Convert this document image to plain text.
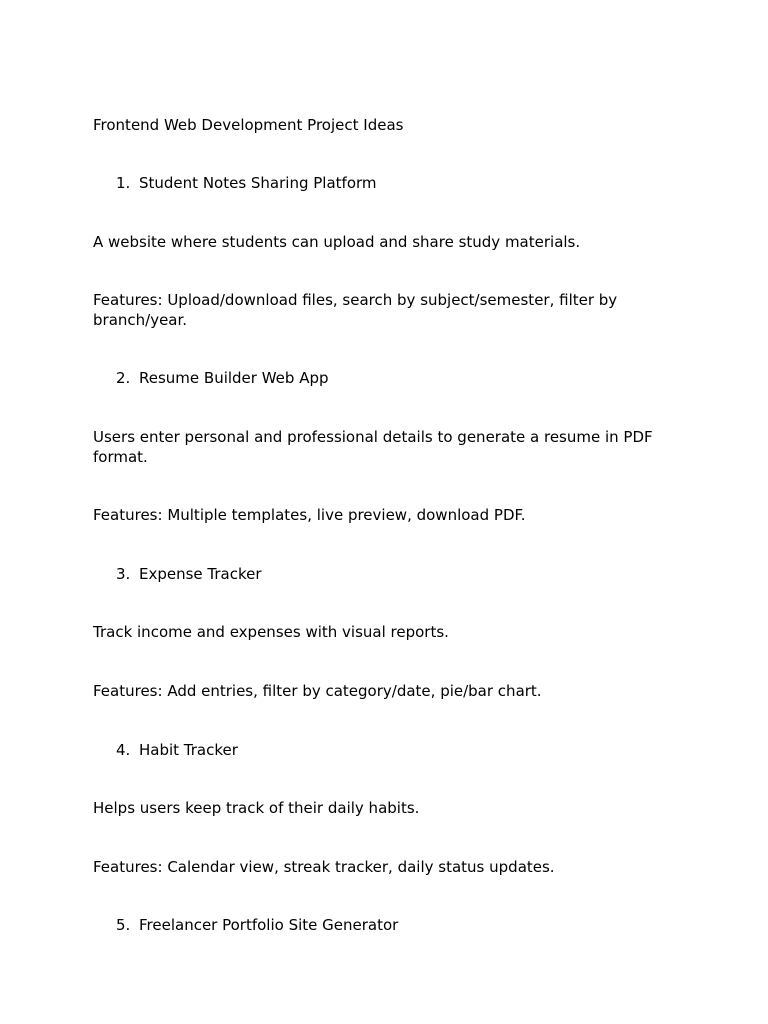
Frontend Web Development Project Ideas
1. Student Notes Sharing Platform
A website where students can upload and share study materials.
Features: Upload/download files, search by subject/semester, filter by branch/year.
2. Resume Builder Web App
Users enter personal and professional details to generate a resume in PDF format.
Features: Multiple templates, live preview, download PDF.
3. Expense Tracker
Track income and expenses with visual reports.
Features: Add entries, filter by category/date, pie/bar chart.
4. Habit Tracker
Helps users keep track of their daily habits.
Features: Calendar view, streak tracker, daily status updates.
5. Freelancer Portfolio Site Generator
